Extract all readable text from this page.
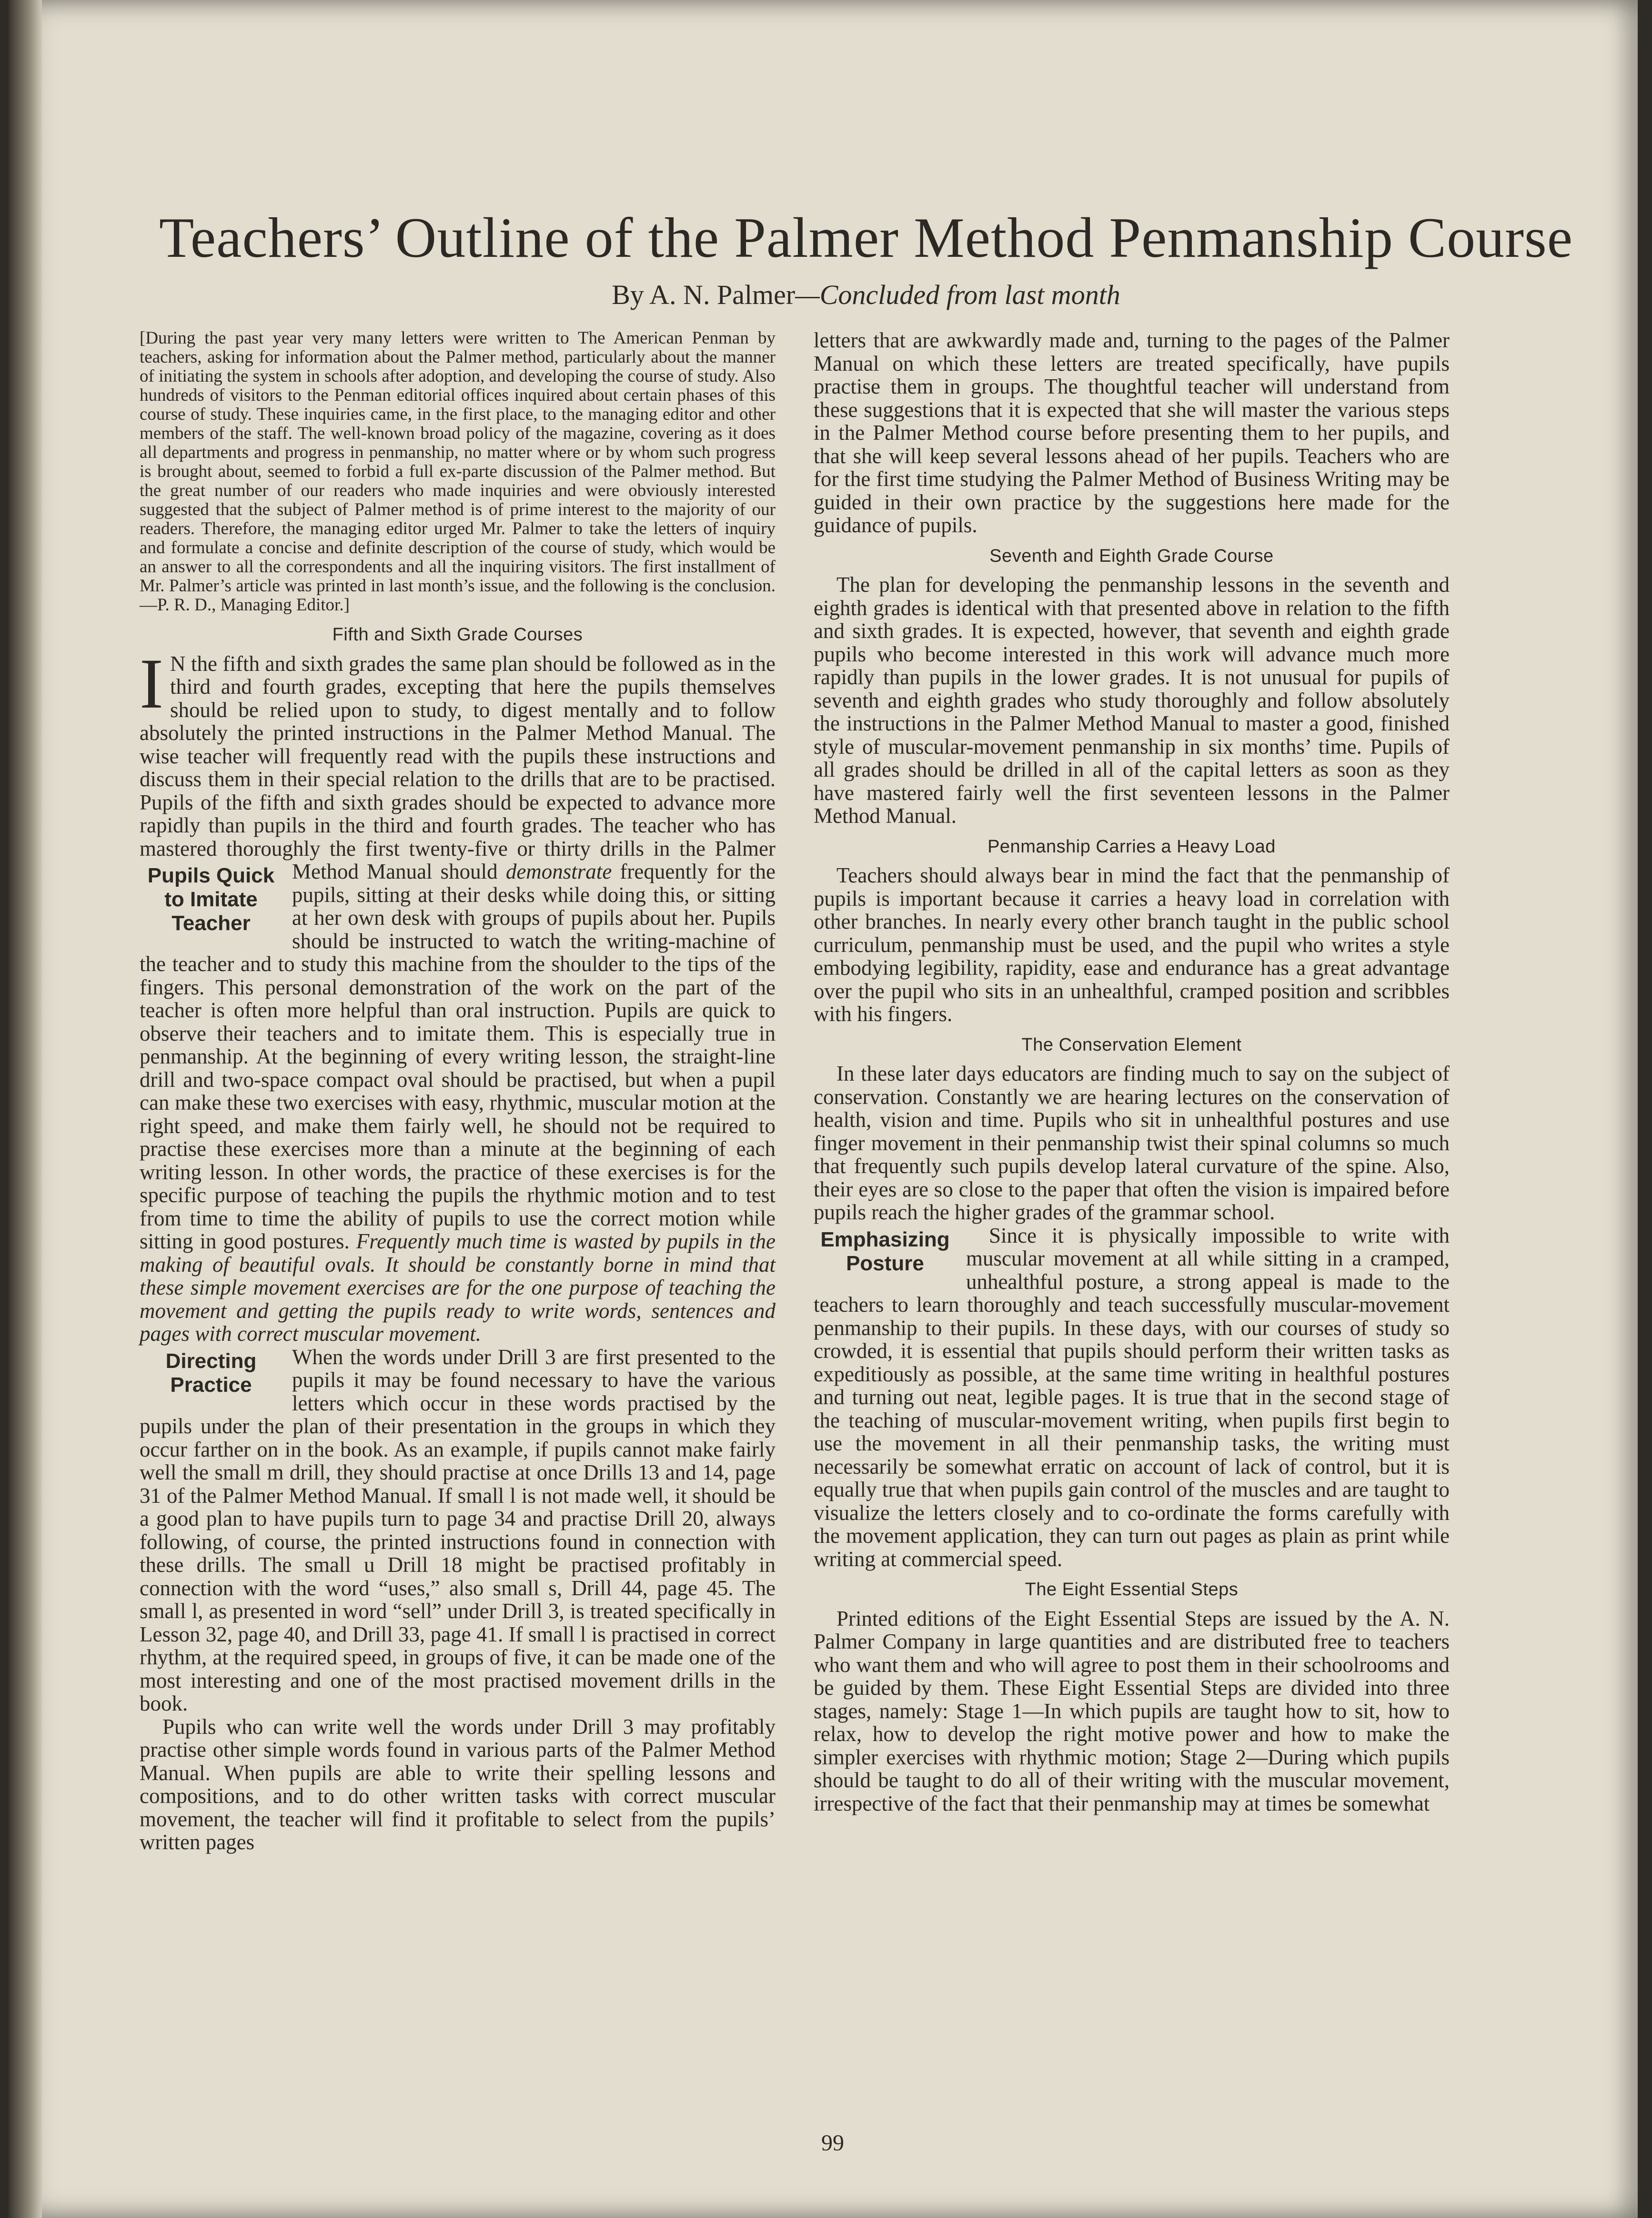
Teachers’ Outline of the Palmer Method Penmanship Course
By A. N. Palmer—Concluded from last month

[During the past year very many letters were written to The American Penman by teachers, asking for information about the Palmer method, particularly about the manner of initiating the system in schools after adoption, and developing the course of study. Also hundreds of visitors to the Penman editorial offices inquired about certain phases of this course of study. These inquiries came, in the first place, to the managing editor and other members of the staff. The well-known broad policy of the magazine, covering as it does all departments and progress in penmanship, no matter where or by whom such progress is brought about, seemed to forbid a full ex-parte discussion of the Palmer method. But the great number of our readers who made inquiries and were obviously interested suggested that the subject of Palmer method is of prime interest to the majority of our readers. Therefore, the managing editor urged Mr. Palmer to take the letters of inquiry and formulate a concise and definite description of the course of study, which would be an answer to all the correspondents and all the inquiring visitors. The first installment of Mr. Palmer’s article was printed in last month’s issue, and the following is the conclusion.—P. R. D., Managing Editor.]

Fifth and Sixth Grade Courses

I N the fifth and sixth grades the same plan should be followed as in the third and fourth grades, excepting that here the pupils themselves should be relied upon to study, to digest mentally and to follow absolutely the printed instructions in the Palmer Method Manual. The wise teacher will frequently read with the pupils these instructions and discuss them in their special relation to the drills that are to be practised. Pupils of the fifth and sixth grades should be expected to advance more rapidly than pupils in the third and fourth grades. The teacher who has mastered thoroughly the first twenty-five or thirty drills in the Palmer Method Manual should demonstrate
Pupils Quick to Imitate Teacher
frequently for the pupils, sitting at their desks while doing this, or sitting at her own desk with groups of pupils about her. Pupils should be instructed to watch the writing-machine of the teacher and to study this machine from the shoulder to the tips of the fingers. This personal demonstration of the work on the part of the teacher is often more helpful than oral instruction. Pupils are quick to observe their teachers and to imitate them. This is especially true in penmanship. At the beginning of every writing lesson, the straight-line drill and two-space compact oval should be practised, but when a pupil can make these two exercises with easy, rhythmic, muscular motion at the right speed, and make them fairly well, he should not be required to practise these exercises more than a minute at the beginning of each writing lesson. In other words, the practice of these exercises is for the specific purpose of teaching the pupils the rhythmic motion and to test from time to time the ability of pupils to use the correct motion while sitting in good postures. Frequently much time is wasted by pupils in the making of beautiful ovals. It should be constantly borne in mind that these simple movement exercises are for the one purpose of teaching the movement and getting the pupils ready to write words, sentences and pages with correct muscular movement.

Directing Practice
When the words under Drill 3 are first presented to the pupils it may be found necessary to have the various letters which occur in these words practised by the pupils under the plan of their presentation in the groups in which they occur farther on in the book. As an example, if pupils cannot make fairly well the small m drill, they should practise at once Drills 13 and 14, page 31 of the Palmer Method Manual. If small l is not made well, it should be a good plan to have pupils turn to page 34 and practise Drill 20, always following, of course, the printed instructions found in connection with these drills. The small u Drill 18 might be practised profitably in connection with the word “uses,” also small s, Drill 44, page 45. The small l, as presented in word “sell” under Drill 3, is treated specifically in Lesson 32, page 40, and Drill 33, page 41. If small l is practised in correct rhythm, at the required speed, in groups of five, it can be made one of the most interesting and one of the most practised movement drills in the book.

Pupils who can write well the words under Drill 3 may profitably practise other simple words found in various parts of the Palmer Method Manual. When pupils are able to write their spelling lessons and compositions, and to do other written tasks with correct muscular movement, the teacher will find it profitable to select from the pupils’ written pages

letters that are awkwardly made and, turning to the pages of the Palmer Manual on which these letters are treated specifically, have pupils practise them in groups. The thoughtful teacher will understand from these suggestions that it is expected that she will master the various steps in the Palmer Method course before presenting them to her pupils, and that she will keep several lessons ahead of her pupils. Teachers who are for the first time studying the Palmer Method of Business Writing may be guided in their own practice by the suggestions here made for the guidance of pupils.

Seventh and Eighth Grade Course

The plan for developing the penmanship lessons in the seventh and eighth grades is identical with that presented above in relation to the fifth and sixth grades. It is expected, however, that seventh and eighth grade pupils who become interested in this work will advance much more rapidly than pupils in the lower grades. It is not unusual for pupils of seventh and eighth grades who study thoroughly and follow absolutely the instructions in the Palmer Method Manual to master a good, finished style of muscular-movement penmanship in six months’ time. Pupils of all grades should be drilled in all of the capital letters as soon as they have mastered fairly well the first seventeen lessons in the Palmer Method Manual.

Penmanship Carries a Heavy Load

Teachers should always bear in mind the fact that the penmanship of pupils is important because it carries a heavy load in correlation with other branches. In nearly every other branch taught in the public school curriculum, penmanship must be used, and the pupil who writes a style embodying legibility, rapidity, ease and endurance has a great advantage over the pupil who sits in an unhealthful, cramped position and scribbles with his fingers.

The Conservation Element

In these later days educators are finding much to say on the subject of conservation. Constantly we are hearing lectures on the conservation of health, vision and time. Pupils who sit in unhealthful postures and use finger movement in their penmanship twist their spinal columns so much that frequently such pupils develop lateral curvature of the spine. Also, their eyes are so close to the paper that often the vision is impaired before pupils reach the higher grades of the grammar school.

Emphasizing Posture
Since it is physically impossible to write with muscular movement at all while sitting in a cramped, unhealthful posture, a strong appeal is made to the teachers to learn thoroughly and teach successfully muscular-movement penmanship to their pupils. In these days, with our courses of study so crowded, it is essential that pupils should perform their written tasks as expeditiously as possible, at the same time writing in healthful postures and turning out neat, legible pages. It is true that in the second stage of the teaching of muscular-movement writing, when pupils first begin to use the movement in all their penmanship tasks, the writing must necessarily be somewhat erratic on account of lack of control, but it is equally true that when pupils gain control of the muscles and are taught to visualize the letters closely and to co-ordinate the forms carefully with the movement application, they can turn out pages as plain as print while writing at commercial speed.

The Eight Essential Steps

Printed editions of the Eight Essential Steps are issued by the A. N. Palmer Company in large quantities and are distributed free to teachers who want them and who will agree to post them in their schoolrooms and be guided by them. These Eight Essential Steps are divided into three stages, namely: Stage 1—In which pupils are taught how to sit, how to relax, how to develop the right motive power and how to make the simpler exercises with rhythmic motion; Stage 2—During which pupils should be taught to do all of their writing with the muscular movement, irrespective of the fact that their penmanship may at times be somewhat

99
